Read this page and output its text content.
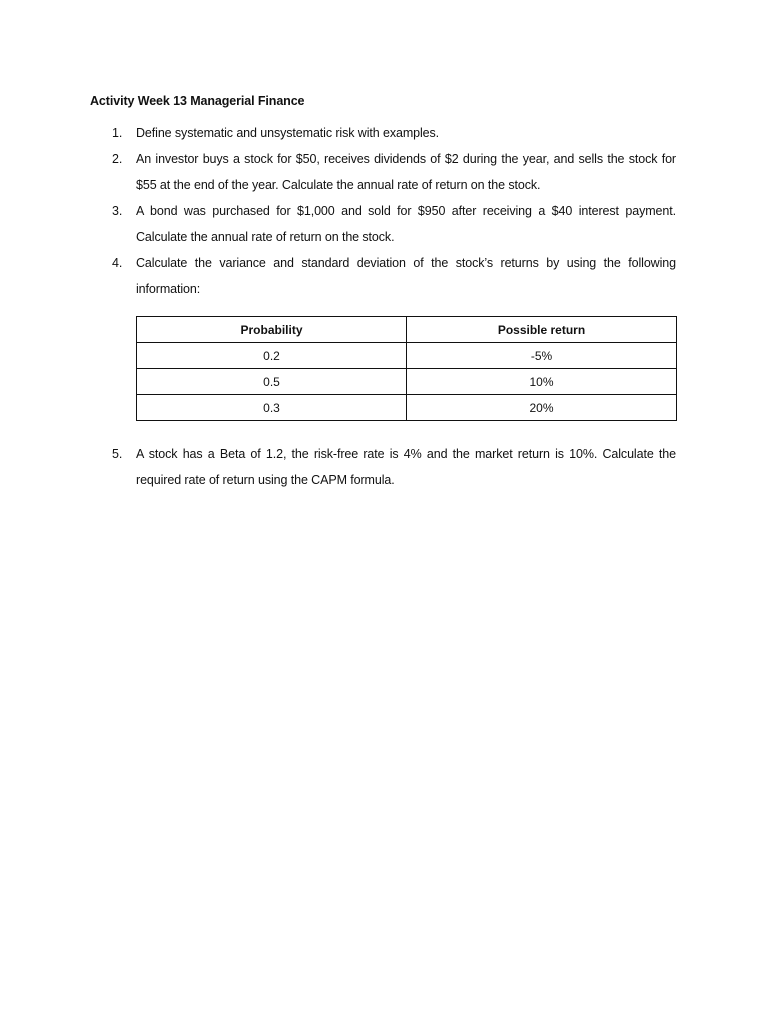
Activity Week 13 Managerial Finance
1. Define systematic and unsystematic risk with examples.
2. An investor buys a stock for $50, receives dividends of $2 during the year, and sells the stock for $55 at the end of the year. Calculate the annual rate of return on the stock.
3. A bond was purchased for $1,000 and sold for $950 after receiving a $40 interest payment. Calculate the annual rate of return on the stock.
4. Calculate the variance and standard deviation of the stock’s returns by using the following information:
Probability	Possible return
0.2	-5%
0.5	10%
0.3	20%
5. A stock has a Beta of 1.2, the risk-free rate is 4% and the market return is 10%. Calculate the required rate of return using the CAPM formula.
